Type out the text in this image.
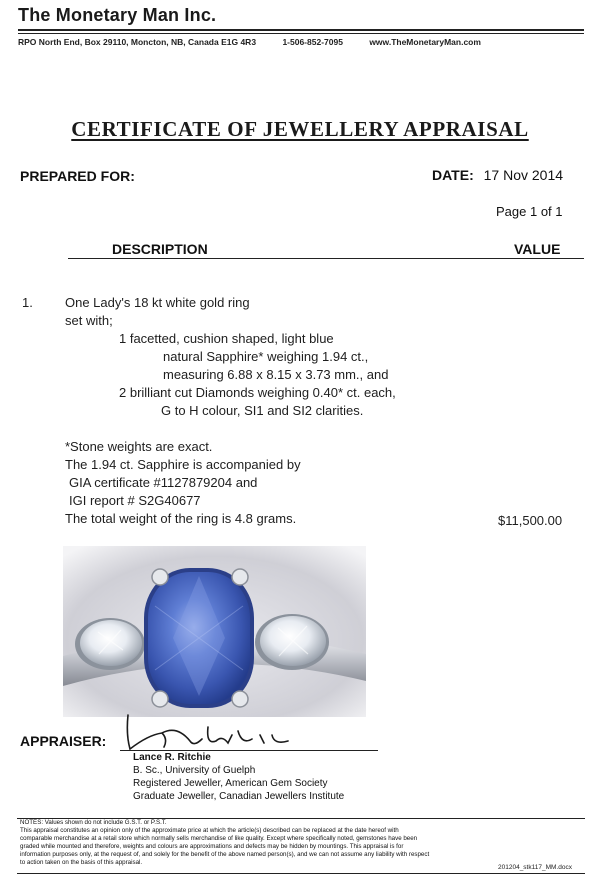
The Monetary Man Inc.
RPO North End, Box 29110, Moncton, NB, Canada E1G 4R3	1-506-852-7095	www.TheMonetaryMan.com
CERTIFICATE OF JEWELLERY APPRAISAL
PREPARED FOR:	DATE: 17 Nov 2014
Page 1 of 1
DESCRIPTION	VALUE
1. One Lady's 18 kt white gold ring
set with;
1 facetted, cushion shaped, light blue
natural Sapphire* weighing 1.94 ct.,
measuring 6.88 x 8.15 x 3.73 mm., and
2 brilliant cut Diamonds weighing 0.40* ct. each,
G to H colour, SI1 and SI2 clarities.
*Stone weights are exact.
The 1.94 ct. Sapphire is accompanied by
GIA certificate #1127879204 and
IGI report # S2G40677
The total weight of the ring is 4.8 grams.	$11,500.00
APPRAISER:
Lance R. Ritchie
B. Sc., University of Guelph
Registered Jeweller, American Gem Society
Graduate Jeweller, Canadian Jewellers Institute
NOTES: Values shown do not include G.S.T. or P.S.T.
This appraisal constitutes an opinion only of the approximate price at which the article(s) described can be replaced at the date hereof with
comparable merchandise at a retail store which normally sells merchandise of like quality. Except where specifically noted, gemstones have been
graded while mounted and therefore, weights and colours are approximations and defects may be hidden by mountings. This appraisal is for
information purposes only, at the request of, and solely for the benefit of the above named person(s), and we can not assume any liability with respect
to action taken on the basis of this appraisal.
201204_stk117_MM.docx
